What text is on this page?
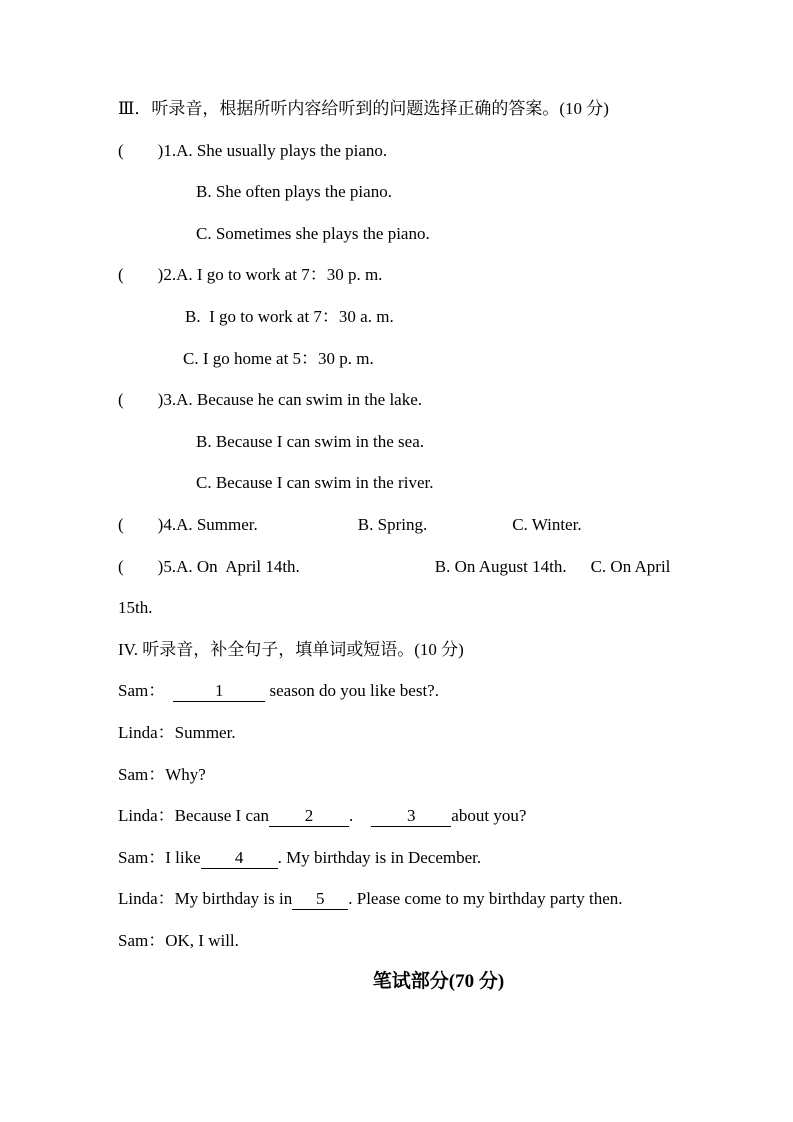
Ⅲ．听录音，根据所听内容给听到的问题选择正确的答案。(10 分)

(        )1.A. She usually plays the piano.

B. She often plays the piano.

C. Sometimes she plays the piano.

(        )2.A. I go to work at 7：30 p. m.

B.  I go to work at 7：30 a. m.

C. I go home at 5：30 p. m.

(        )3.A. Because he can swim in the lake.

B. Because I can swim in the sea.

C. Because I can swim in the river.

(        )4.A. Summer.	B. Spring.	C. Winter.

(        )5.A. On  April 14th.	B. On August 14th. C. On April

15th.

IV. 听录音，补全句子，填单词或短语。(10 分)

Sam：	1 season do you like best?.

Linda：Summer.

Sam：Why?

Linda：Because I can 2 .	3 about you?

Sam：I like 4 . My birthday is in December.

Linda：My birthday is in 5 . Please come to my birthday party then.

Sam：OK, I will.

笔试部分(70 分)
